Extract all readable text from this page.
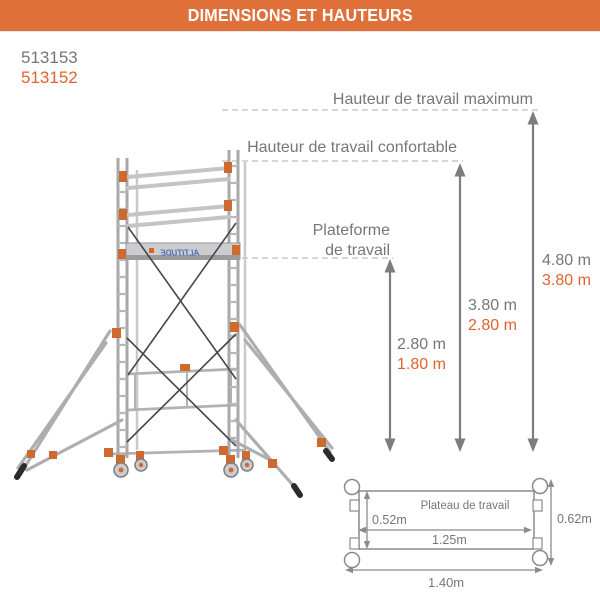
DIMENSIONS ET HAUTEURS
513153
513152
ALTITUDE
Hauteur de travail maximum
Hauteur de travail confortable
Plateforme
de travail
2.80 m
1.80 m
3.80 m
2.80 m
4.80 m
3.80 m
Plateau de travail
0.52m
1.25m
0.62m
1.40m
